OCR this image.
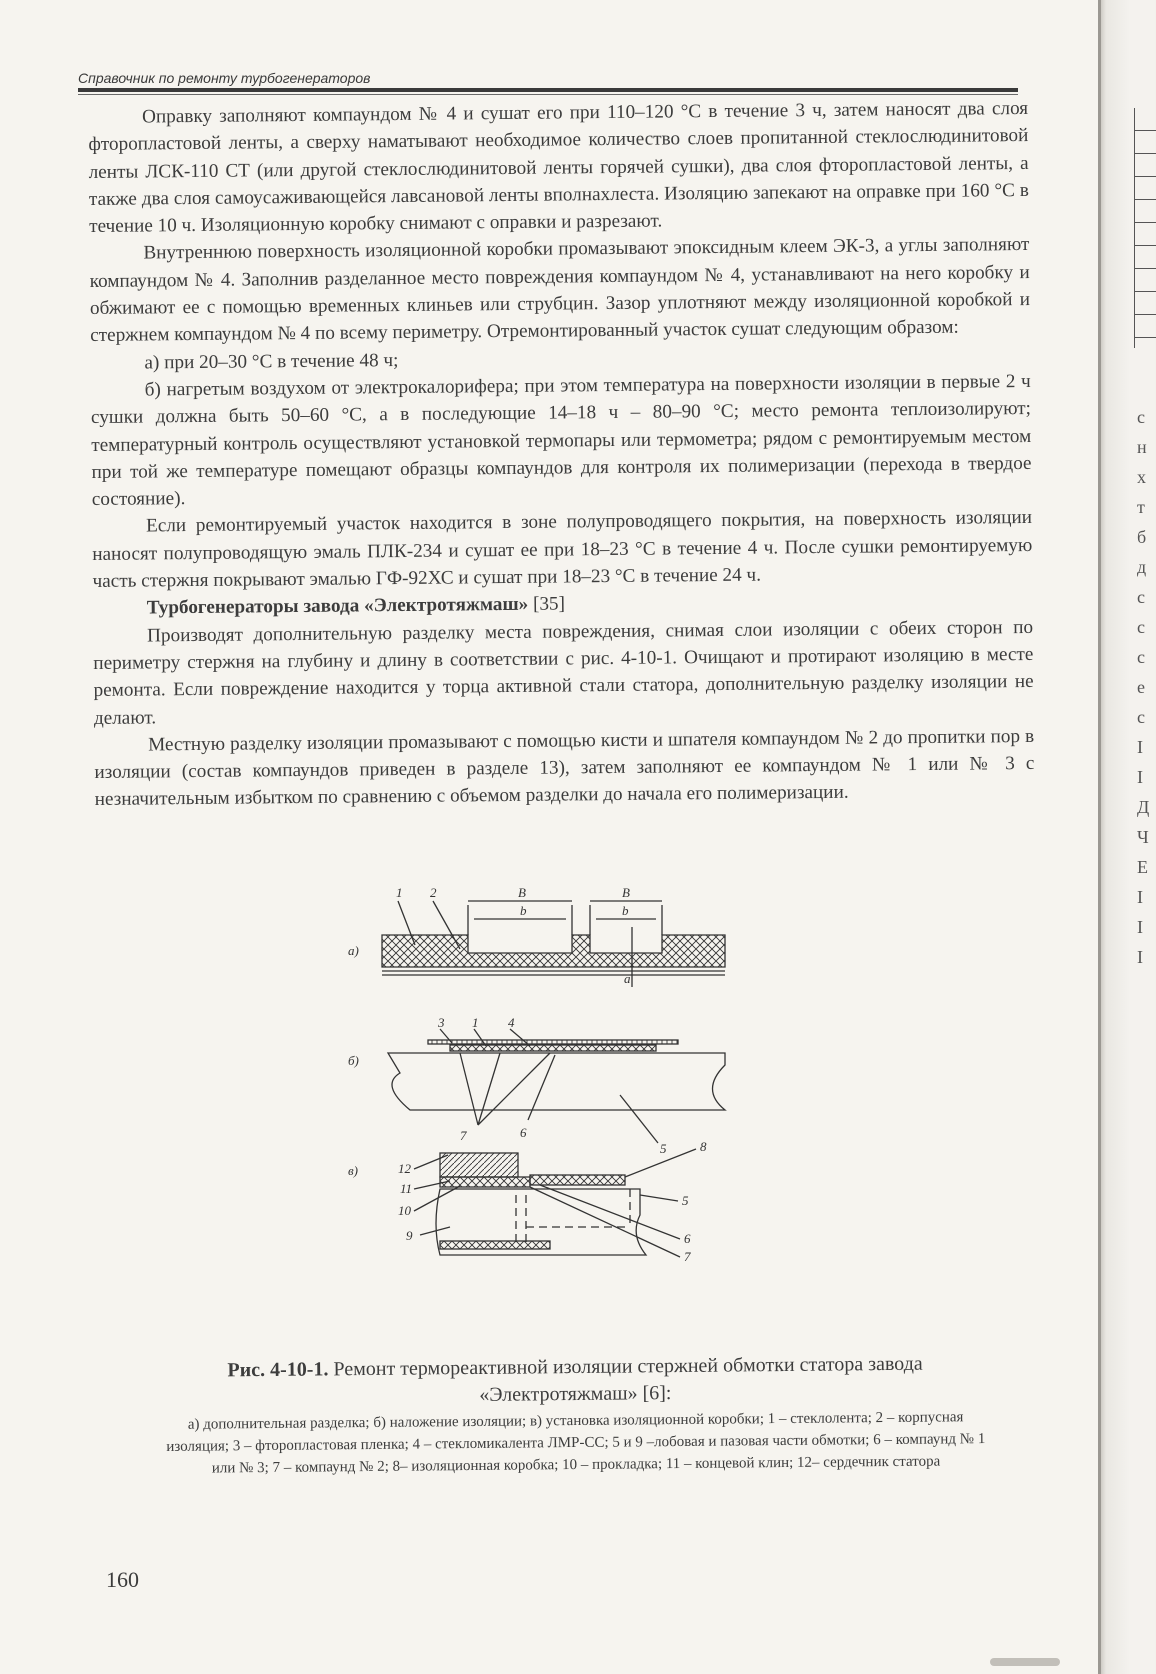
Справочник по ремонту турбогенераторов

Оправку заполняют компаундом № 4 и сушат его при 110–120 °С в течение 3 ч, затем наносят два слоя фторопластовой ленты, а сверху наматывают необходимое количество слоев пропитанной стеклослюдинитовой ленты ЛСК-110 СТ (или другой стеклослюдинитовой ленты горячей сушки), два слоя фторопластовой ленты, а также два слоя самоусаживающейся лавсановой ленты вполнахлеста. Изоляцию запекают на оправке при 160 °С в течение 10 ч. Изоляционную коробку снимают с оправки и разрезают.

Внутреннюю поверхность изоляционной коробки промазывают эпоксидным клеем ЭК-3, а углы заполняют компаундом № 4. Заполнив разделанное место повреждения компаундом № 4, устанавливают на него коробку и обжимают ее с помощью временных клиньев или струбцин. Зазор уплотняют между изоляционной коробкой и стержнем компаундом № 4 по всему периметру. Отремонтированный участок сушат следующим образом:

а) при 20–30 °С в течение 48 ч;

б) нагретым воздухом от электрокалорифера; при этом температура на поверхности изоляции в первые 2 ч сушки должна быть 50–60 °С, а в последующие 14–18 ч – 80–90 °С; место ремонта теплоизолируют; температурный контроль осуществляют установкой термопары или термометра; рядом с ремонтируемым местом при той же температуре помещают образцы компаундов для контроля их полимеризации (перехода в твердое состояние).

Если ремонтируемый участок находится в зоне полупроводящего покрытия, на поверхность изоляции наносят полупроводящую эмаль ПЛК-234 и сушат ее при 18–23 °С в течение 4 ч. После сушки ремонтируемую часть стержня покрывают эмалью ГФ-92ХС и сушат при 18–23 °С в течение 24 ч.

Турбогенераторы завода «Электротяжмаш» [35]

Производят дополнительную разделку места повреждения, снимая слои изоляции с обеих сторон по периметру стержня на глубину и длину в соответствии с рис. 4-10-1. Очищают и протирают изоляцию в месте ремонта. Если повреждение находится у торца активной стали статора, дополнительную разделку изоляции не делают.

Местную разделку изоляции промазывают с помощью кисти и шпателя компаундом № 2 до пропитки пор в изоляции (состав компаундов приведен в разделе 13), затем заполняют ее компаундом № 1 или № 3 с незначительным избытком по сравнению с объемом разделки до начала его полимеризации.

а)
B
b
B
b
а
1 2
б)
3 1 4
7	6
5
в)
8
12
11
10
9
5
6
7
Рис. 4-10-1. Ремонт термореактивной изоляции стержней обмотки статора завода «Электротяжмаш» [6]:
а) дополнительная разделка; б) наложение изоляции; в) установка изоляционной коробки; 1 – стеклолента; 2 – корпусная изоляция; 3 – фторопластовая пленка; 4 – стекломикалента ЛМР-СС; 5 и 9 –лобовая и пазовая части обмотки; 6 – компаунд № 1 или № 3; 7 – компаунд № 2; 8– изоляционная коробка; 10 – прокладка; 11 – концевой клин; 12– сердечник статора
160
с
н
х
т
б
д
с
с
с
е
с
І
І
Д
Ч
Е
І
І
І
